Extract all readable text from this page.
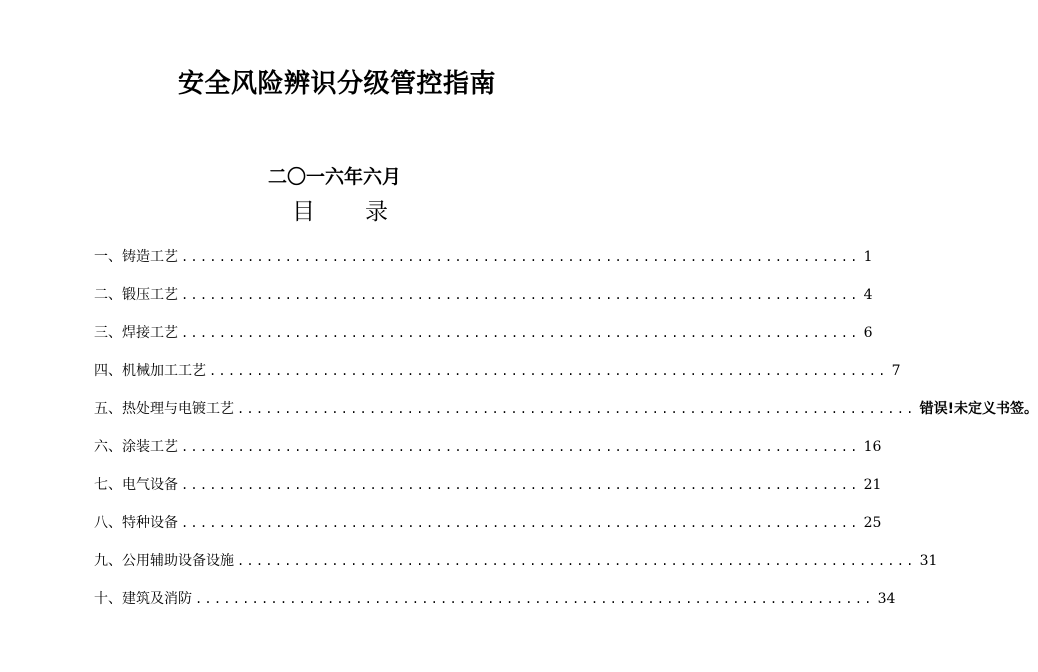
安全风险辨识分级管控指南
二〇一六年六月
目录
一、铸造工艺 ........................................................................ 1
二、锻压工艺 ........................................................................ 4
三、焊接工艺 ........................................................................ 6
四、机械加工工艺 ........................................................................ 7
五、热处理与电镀工艺 ........................................................................ 错误!未定义书签。
六、涂装工艺 ........................................................................ 16
七、电气设备 ........................................................................ 21
八、特种设备 ........................................................................ 25
九、公用辅助设备设施 ........................................................................ 31
十、建筑及消防 ........................................................................ 34
